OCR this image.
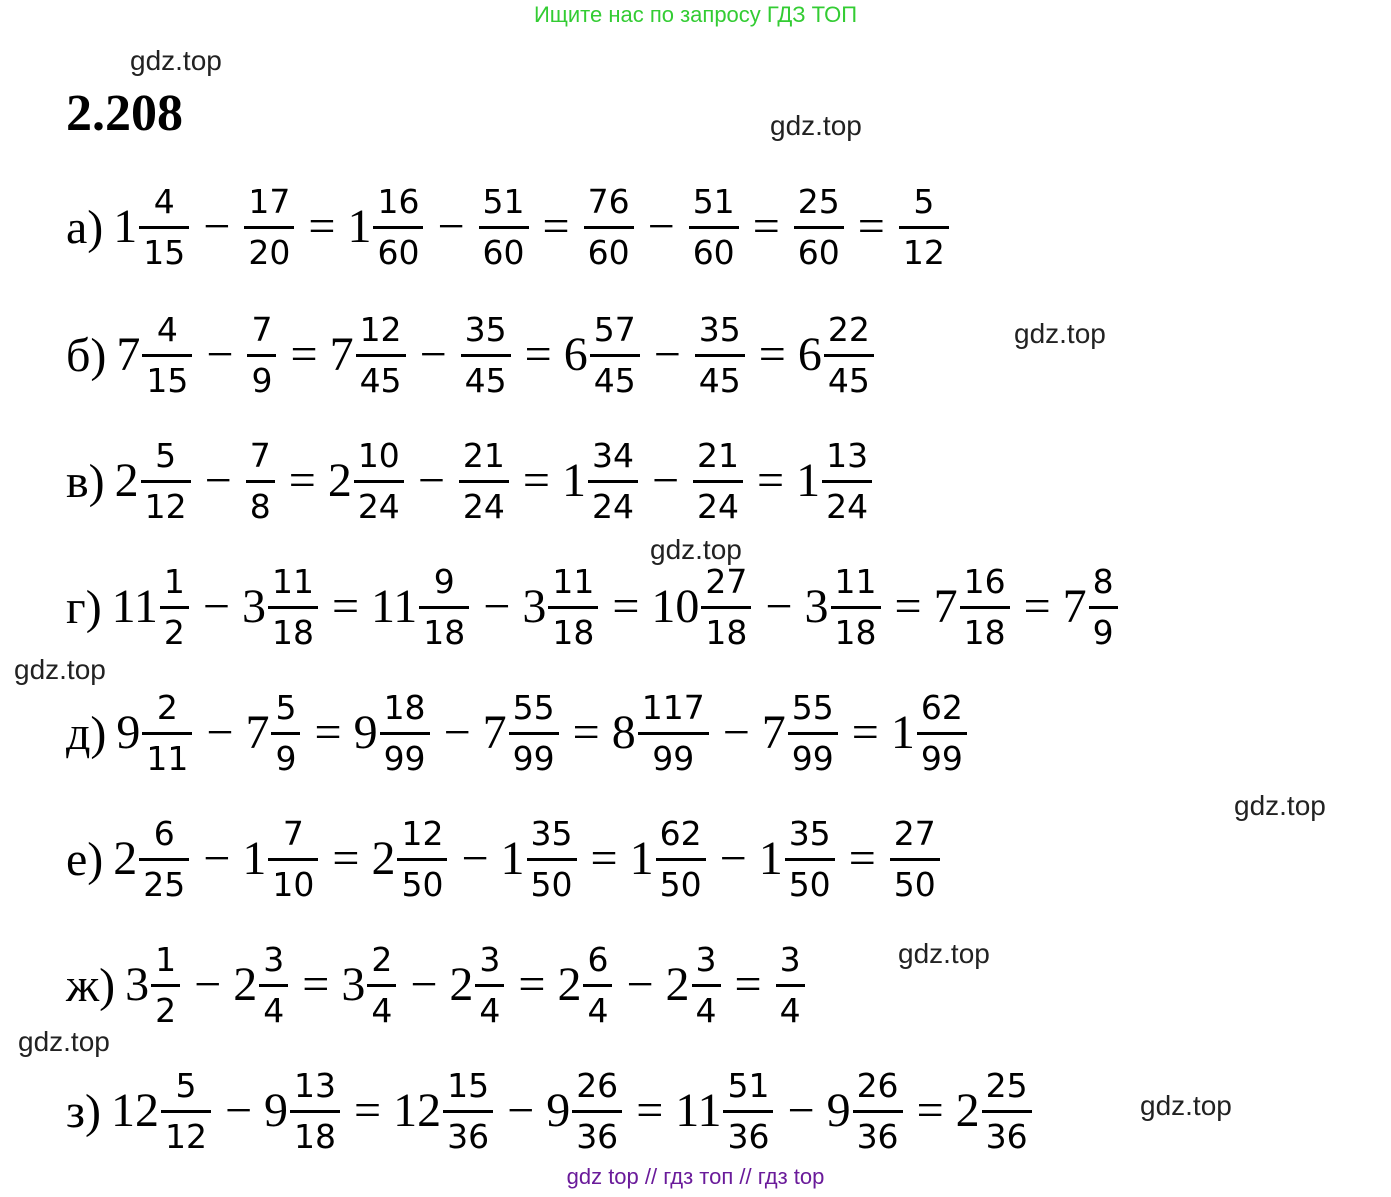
Ищите нас по запросу ГДЗ ТОП
gdz.top
gdz.top
gdz.top
gdz.top
gdz.top
gdz.top
gdz.top
gdz.top
gdz.top
2.208
а) $1 \frac{4}{15} - \frac{17}{20} = 1 \frac{16}{60} - \frac{51}{60} = \frac{76}{60} - \frac{51}{60} = \frac{25}{60} = \frac{5}{12}$
б) $7 \frac{4}{15} - \frac{7}{9} = 7 \frac{12}{45} - \frac{35}{45} = 6 \frac{57}{45} - \frac{35}{45} = 6 \frac{22}{45}$
в) $2 \frac{5}{12} - \frac{7}{8} = 2 \frac{10}{24} - \frac{21}{24} = 1 \frac{34}{24} - \frac{21}{24} = 1 \frac{13}{24}$
г) $11 \frac{1}{2} - 3 \frac{11}{18} = 11 \frac{9}{18} - 3 \frac{11}{18} = 10 \frac{27}{18} - 3 \frac{11}{18} = 7 \frac{16}{18} = 7 \frac{8}{9}$
д) $9 \frac{2}{11} - 7 \frac{5}{9} = 9 \frac{18}{99} - 7 \frac{55}{99} = 8 \frac{117}{99} - 7 \frac{55}{99} = 1 \frac{62}{99}$
е) $2 \frac{6}{25} - 1 \frac{7}{10} = 2 \frac{12}{50} - 1 \frac{35}{50} = 1 \frac{62}{50} - 1 \frac{35}{50} = \frac{27}{50}$
ж) $3 \frac{1}{2} - 2 \frac{3}{4} = 3 \frac{2}{4} - 2 \frac{3}{4} = 2 \frac{6}{4} - 2 \frac{3}{4} = \frac{3}{4}$
з) $12 \frac{5}{12} - 9 \frac{13}{18} = 12 \frac{15}{36} - 9 \frac{26}{36} = 11 \frac{51}{36} - 9 \frac{26}{36} = 2 \frac{25}{36}$
gdz top // гдз топ // гдз top
